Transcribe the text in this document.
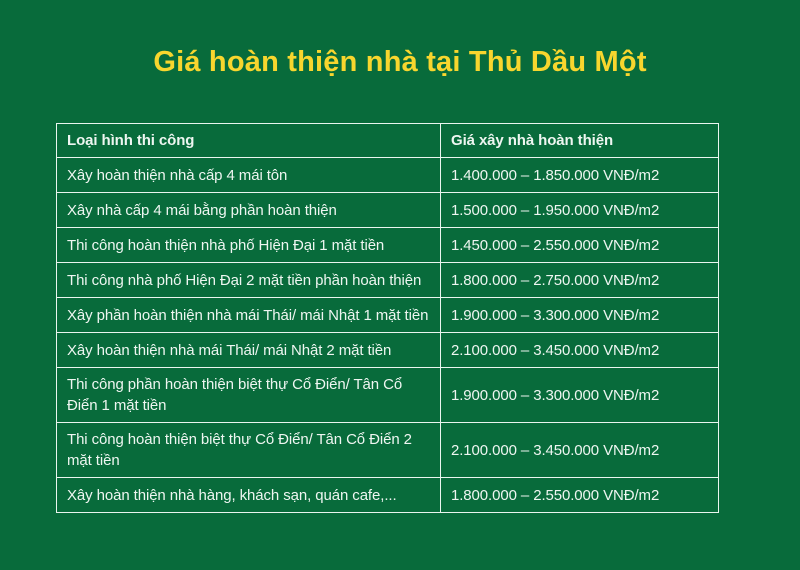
Giá hoàn thiện nhà tại Thủ Dầu Một
Loại hình thi công	Giá xây nhà hoàn thiện
Xây hoàn thiện nhà cấp 4 mái tôn	1.400.000 – 1.850.000 VNĐ/m2
Xây nhà cấp 4 mái bằng phần hoàn thiện	1.500.000 – 1.950.000 VNĐ/m2
Thi công hoàn thiện nhà phố Hiện Đại 1 mặt tiền	1.450.000 – 2.550.000 VNĐ/m2
Thi công nhà phố Hiện Đại 2 mặt tiền phần hoàn thiện	1.800.000 – 2.750.000 VNĐ/m2
Xây phần hoàn thiện nhà mái Thái/ mái Nhật 1 mặt tiền	1.900.000 – 3.300.000 VNĐ/m2
Xây hoàn thiện nhà mái Thái/ mái Nhật 2 mặt tiền	2.100.000 – 3.450.000 VNĐ/m2
Thi công phần hoàn thiện biệt thự Cổ Điển/ Tân Cổ Điển 1 mặt tiền	1.900.000 – 3.300.000 VNĐ/m2
Thi công hoàn thiện biệt thự Cổ Điển/ Tân Cổ Điển 2 mặt tiền	2.100.000 – 3.450.000 VNĐ/m2
Xây hoàn thiện nhà hàng, khách sạn, quán cafe,...	1.800.000 – 2.550.000 VNĐ/m2
